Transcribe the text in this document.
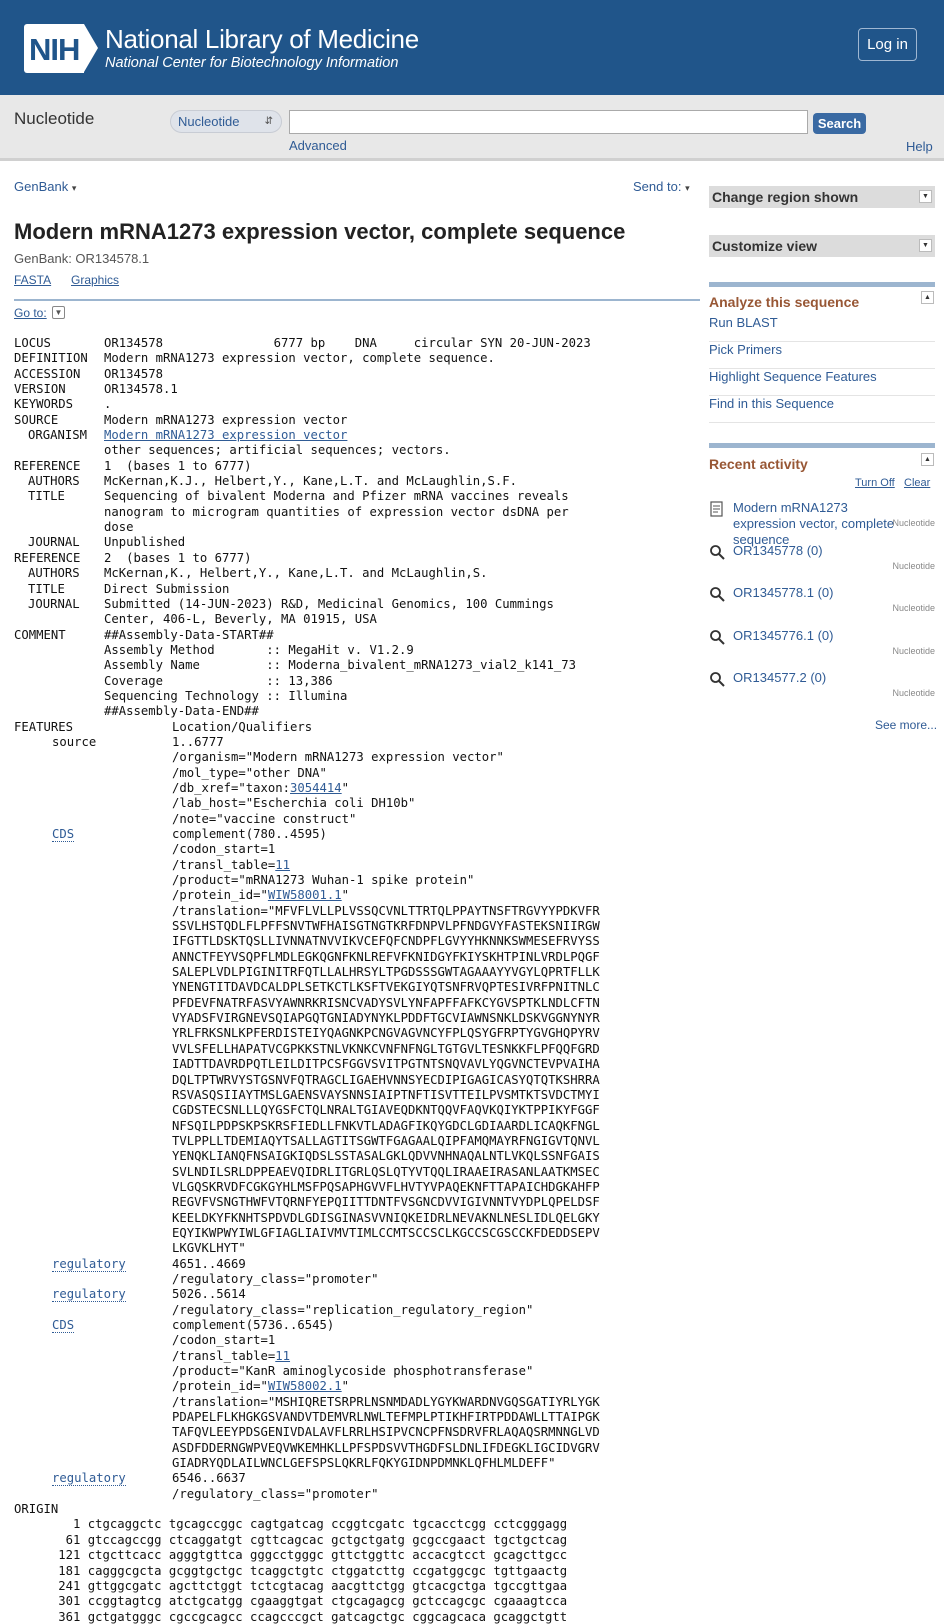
NIH National Library of Medicine
National Center for Biotechnology Information
Log in
Nucleotide	Nucleotide	⇵	Search
Advanced	Help
GenBank ▾	Send to: ▾
Modern mRNA1273 expression vector, complete sequence
GenBank: OR134578.1
FASTA Graphics
Go to: ▼
LOCUS	OR134578               6777 bp    DNA     circular SYN 20-JUN-2023
DEFINITION Modern mRNA1273 expression vector, complete sequence.
ACCESSION OR134578
VERSION	OR134578.1
KEYWORDS	.
SOURCE	Modern mRNA1273 expression vector
ORGANISM Modern mRNA1273 expression vector
other sequences; artificial sequences; vectors.
REFERENCE 1  (bases 1 to 6777)
AUTHORS McKernan,K.J., Helbert,Y., Kane,L.T. and McLaughlin,S.F.
TITLE	Sequencing of bivalent Moderna and Pfizer mRNA vaccines reveals
nanogram to microgram quantities of expression vector dsDNA per
dose
JOURNAL Unpublished
REFERENCE 2  (bases 1 to 6777)
AUTHORS McKernan,K., Helbert,Y., Kane,L.T. and McLaughlin,S.
TITLE	Direct Submission
JOURNAL Submitted (14-JUN-2023) R&D, Medicinal Genomics, 100 Cummings
Center, 406-L, Beverly, MA 01915, USA
COMMENT	##Assembly-Data-START##
Assembly Method       :: MegaHit v. V1.2.9
Assembly Name         :: Moderna_bivalent_mRNA1273_vial2_k141_73
Coverage              :: 13,386
Sequencing Technology :: Illumina
##Assembly-Data-END##
FEATURES	Location/Qualifiers
source	1..6777
/organism="Modern mRNA1273 expression vector"
/mol_type="other DNA"
/db_xref="taxon:3054414"
/lab_host="Escherchia coli DH10b"
/note="vaccine construct"
CDS	complement(780..4595)
/codon_start=1
/transl_table=11
/product="mRNA1273 Wuhan-1 spike protein"
/protein_id="WIW58001.1"
/translation="MFVFLVLLPLVSSQCVNLTTRTQLPPAYTNSFTRGVYYPDKVFR
SSVLHSTQDLFLPFFSNVTWFHAISGTNGTKRFDNPVLPFNDGVYFASTEKSNIIRGW
IFGTTLDSKTQSLLIVNNATNVVIKVCEFQFCNDPFLGVYYHKNNKSWMESEFRVYSS
ANNCTFEYVSQPFLMDLEGKQGNFKNLREFVFKNIDGYFKIYSKHTPINLVRDLPQGF
SALEPLVDLPIGINITRFQTLLALHRSYLTPGDSSSGWTAGAAAYYVGYLQPRTFLLK
YNENGTITDAVDCALDPLSETKCTLKSFTVEKGIYQTSNFRVQPTESIVRFPNITNLC
PFDEVFNATRFASVYAWNRKRISNCVADYSVLYNFAPFFAFKCYGVSPTKLNDLCFTN
VYADSFVIRGNEVSQIAPGQTGNIADYNYKLPDDFTGCVIAWNSNKLDSKVGGNYNYR
YRLFRKSNLKPFERDISTEIYQAGNKPCNGVAGVNCYFPLQSYGFRPTYGVGHQPYRV
VVLSFELLHAPATVCGPKKSTNLVKNKCVNFNFNGLTGTGVLTESNKKFLPFQQFGRD
IADTTDAVRDPQTLEILDITPCSFGGVSVITPGTNTSNQVAVLYQGVNCTEVPVAIHA
DQLTPTWRVYSTGSNVFQTRAGCLIGAEHVNNSYECDIPIGAGICASYQTQTKSHRRA
RSVASQSIIAYTMSLGAENSVAYSNNSIAIPTNFTISVTTEILPVSMTKTSVDCTMYI
CGDSTECSNLLLQYGSFCTQLNRALTGIAVEQDKNTQQVFAQVKQIYKTPPIKYFGGF
NFSQILPDPSKPSKRSFIEDLLFNKVTLADAGFIKQYGDCLGDIAARDLICAQKFNGL
TVLPPLLTDEMIAQYTSALLAGTITSGWTFGAGAALQIPFAMQMAYRFNGIGVTQNVL
YENQKLIANQFNSAIGKIQDSLSSTASALGKLQDVVNHNAQALNTLVKQLSSNFGAIS
SVLNDILSRLDPPEAEVQIDRLITGRLQSLQTYVTQQLIRAAEIRASANLAATKMSEC
VLGQSKRVDFCGKGYHLMSFPQSAPHGVVFLHVTYVPAQEKNFTTAPAICHDGKAHFP
REGVFVSNGTHWFVTQRNFYEPQIITTDNTFVSGNCDVVIGIVNNTVYDPLQPELDSF
KEELDKYFKNHTSPDVDLGDISGINASVVNIQKEIDRLNEVAKNLNESLIDLQELGKY
EQYIKWPWYIWLGFIAGLIAIVMVTIMLCCMTSCCSCLKGCCSCGSCCKFDEDDSEPV
LKGVKLHYT"
regulatory	4651..4669
/regulatory_class="promoter"
regulatory	5026..5614
/regulatory_class="replication_regulatory_region"
CDS	complement(5736..6545)
/codon_start=1
/transl_table=11
/product="KanR aminoglycoside phosphotransferase"
/protein_id="WIW58002.1"
/translation="MSHIQRETSRPRLNSNMDADLYGYKWARDNVGQSGATIYRLYGK
PDAPELFLKHGKGSVANDVTDEMVRLNWLTEFMPLPTIKHFIRTPDDAWLLTTAIPGK
TAFQVLEEYPDSGENIVDALAVFLRRLHSIPVCNCPFNSDRVFRLAQAQSRMNNGLVD
ASDFDDERNGWPVEQVWKEMHKLLPFSPDSVVTHGDFSLDNLIFDEGKLIGCIDVGRV
GIADRYQDLAILWNCLGEFSPSLQKRLFQKYGIDNPDMNKLQFHLMLDEFF"
regulatory	6546..6637
/regulatory_class="promoter"
ORIGIN
1 ctgcaggctc tgcagccggc cagtgatcag ccggtcgatc tgcacctcgg cctcgggagg
61 gtccagccgg ctcaggatgt cgttcagcac gctgctgatg gcgccgaact tgctgctcag
121 ctgcttcacc agggtgttca gggcctgggc gttctggttc accacgtcct gcagcttgcc
181 cagggcgcta gcggtgctgc tcaggctgtc ctggatcttg ccgatggcgc tgttgaactg
241 gttggcgatc agcttctggt tctcgtacag aacgttctgg gtcacgctga tgccgttgaa
301 ccggtagtcg atctgcatgg cgaaggtgat ctgcagagcg gctccagcgc cgaaagtcca
361 gctgatgggc cgccgcagcc ccagcccgct gatcagctgc cggcagcaca gcaggctgtt
Change region shown	▼
Customize view	▼
Analyze this sequence	▲
Run BLAST
Pick Primers
Highlight Sequence Features
Find in this Sequence
Recent activity	▲
Turn Off Clear
Modern mRNA1273 expression vector, complete sequence
Nucleotide
OR1345778 (0)
Nucleotide
OR1345778.1 (0)
Nucleotide
OR1345776.1 (0)
Nucleotide
OR134577.2 (0)
Nucleotide
See more...
